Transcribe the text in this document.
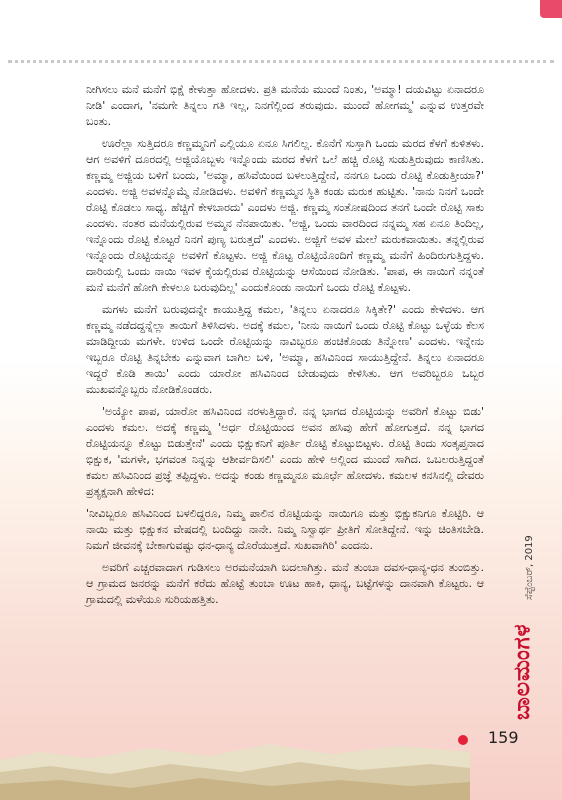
ನೀಗಿಸಲು ಮನೆ ಮನೆಗೆ ಭಿಕ್ಷೆ ಕೇಳುತ್ತಾ ಹೋದಳು. ಪ್ರತಿ ಮನೆಯ ಮುಂದೆ ನಿಂತು, 'ಅಮ್ಮಾ! ದಯವಿಟ್ಟು ಏನಾದರೂ ನೀಡಿ' ಎಂದಾಗ, 'ನಮಗೇ ತಿನ್ನಲು ಗತಿ ಇಲ್ಲ, ನಿನಗೆಲ್ಲಿಂದ ತರುವುದು. ಮುಂದೆ ಹೋಗಮ್ಮ' ಎನ್ನುವ ಉತ್ತರವೇ ಬಂತು.

ಊರೆಲ್ಲಾ ಸುತ್ತಿದರೂ ಕಣ್ಣಮ್ಮನಿಗೆ ಎಲ್ಲಿಯೂ ಏನೂ ಸಿಗಲಿಲ್ಲ. ಕೊನೆಗೆ ಸುಸ್ತಾಗಿ ಒಂದು ಮರದ ಕೆಳಗೆ ಕುಳಿತಳು. ಆಗ ಅವಳಿಗೆ ದೂರದಲ್ಲಿ ಅಜ್ಜಿಯೊಬ್ಬಳು ಇನ್ನೊಂದು ಮರದ ಕೆಳಗೆ ಒಲೆ ಹಚ್ಚಿ ರೊಟ್ಟಿ ಸುಡುತ್ತಿರುವುದು ಕಾಣಿಸಿತು. ಕಣ್ಣಮ್ಮ ಅಜ್ಜಿಯ ಬಳಿಗೆ ಬಂದು, 'ಅಮ್ಮಾ, ಹಸಿವೆಯಿಂದ ಬಳಲುತ್ತಿದ್ದೇನೆ, ನನಗೂ ಒಂದು ರೊಟ್ಟಿ ಕೊಡುತ್ತೀಯಾ?' ಎಂದಳು. ಅಜ್ಜಿ ಅವಳನ್ನೊಮ್ಮೆ ನೋಡಿದಳು. ಅವಳಿಗೆ ಕಣ್ಣಮ್ಮನ ಸ್ಥಿತಿ ಕಂಡು ಮರುಕ ಹುಟ್ಟಿತು. 'ನಾನು ನಿನಗೆ ಒಂದೇ ರೊಟ್ಟಿ ಕೊಡಲು ಸಾಧ್ಯ. ಹೆಚ್ಚಿಗೆ ಕೇಳಬಾರದು' ಎಂದಳು ಅಜ್ಜಿ. ಕಣ್ಣಮ್ಮ ಸಂತೋಷದಿಂದ ತನಗೆ ಒಂದೇ ರೊಟ್ಟಿ ಸಾಕು ಎಂದಳು. ನಂತರ ಮನೆಯಲ್ಲಿರುವ ಅಮ್ಮನ ನೆನಪಾಯಿತು. 'ಅಜ್ಜಿ, ಒಂದು ವಾರದಿಂದ ನನ್ನಮ್ಮ ಸಹ ಏನೂ ತಿಂದಿಲ್ಲ, ಇನ್ನೊಂದು ರೊಟ್ಟಿ ಕೊಟ್ಟರೆ ನಿನಗೆ ಪುಣ್ಯ ಬರುತ್ತದೆ' ಎಂದಳು. ಅಜ್ಜಿಗೆ ಅವಳ ಮೇಲೆ ಮರುಕವಾಯಿತು. ತನ್ನಲ್ಲಿರುವ ಇನ್ನೊಂದು ರೊಟ್ಟಿಯನ್ನೂ ಅವಳಿಗೆ ಕೊಟ್ಟಳು. ಅಜ್ಜಿ ಕೊಟ್ಟ ರೊಟ್ಟಿಯೊಂದಿಗೆ ಕಣ್ಣಮ್ಮ ಮನೆಗೆ ಹಿಂದಿರುಗುತ್ತಿದ್ದಳು. ದಾರಿಯಲ್ಲಿ ಒಂದು ನಾಯಿ ಇವಳ ಕೈಯಲ್ಲಿರುವ ರೊಟ್ಟಿಯನ್ನು ಆಸೆಯಿಂದ ನೋಡಿತು. 'ಪಾಪ, ಈ ನಾಯಿಗೆ ನನ್ನಂತೆ ಮನೆ ಮನೆಗೆ ಹೋಗಿ ಕೇಳಲೂ ಬರುವುದಿಲ್ಲ' ಎಂದುಕೊಂಡು ನಾಯಿಗೆ ಒಂದು ರೊಟ್ಟಿ ಕೊಟ್ಟಳು.

ಮಗಳು ಮನೆಗೆ ಬರುವುದನ್ನೇ ಕಾಯುತ್ತಿದ್ದ ಕಮಲ, 'ತಿನ್ನಲು ಏನಾದರೂ ಸಿಕ್ಕಿತೇ?' ಎಂದು ಕೇಳಿದಳು. ಆಗ ಕಣ್ಣಮ್ಮ ನಡೆದದ್ದನ್ನೆಲ್ಲಾ ತಾಯಿಗೆ ತಿಳಿಸಿದಳು. ಅದಕ್ಕೆ ಕಮಲ, 'ನೀನು ನಾಯಿಗೆ ಒಂದು ರೊಟ್ಟಿ ಕೊಟ್ಟು ಒಳ್ಳೆಯ ಕೆಲಸ ಮಾಡಿದ್ದೀಯ ಮಗಳೇ. ಉಳಿದ ಒಂದೇ ರೊಟ್ಟಿಯನ್ನು ನಾವಿಬ್ಬರೂ ಹಂಚಿಕೊಂಡು ತಿನ್ನೋಣ' ಎಂದಳು. ಇನ್ನೇನು ಇಬ್ಬರೂ ರೊಟ್ಟಿ ತಿನ್ನಬೇಕು ಎನ್ನುವಾಗ ಬಾಗಿಲ ಬಳಿ, 'ಅಮ್ಮಾ, ಹಸಿವಿನಿಂದ ಸಾಯುತ್ತಿದ್ದೇನೆ. ತಿನ್ನಲು ಏನಾದರೂ ಇದ್ದರೆ ಕೊಡಿ ತಾಯಿ' ಎಂದು ಯಾರೋ ಹಸಿವಿನಿಂದ ಬೇಡುವುದು ಕೇಳಿಸಿತು. ಆಗ ಅವರಿಬ್ಬರೂ ಒಬ್ಬರ ಮುಖವನ್ನೊಬ್ಬರು ನೋಡಿಕೊಂಡರು.

'ಅಯ್ಯೋ ಪಾಪ, ಯಾರೋ ಹಸಿವಿನಿಂದ ನರಳುತ್ತಿದ್ದಾರೆ. ನನ್ನ ಭಾಗದ ರೊಟ್ಟಿಯನ್ನು ಅವರಿಗೆ ಕೊಟ್ಟು ಬಿಡು' ಎಂದಳು ಕಮಲ. ಅದಕ್ಕೆ ಕಣ್ಣಮ್ಮ 'ಅರ್ಧ ರೊಟ್ಟಿಯಿಂದ ಅವನ ಹಸಿವು ಹೇಗೆ ಹೋಗುತ್ತದೆ. ನನ್ನ ಭಾಗದ ರೊಟ್ಟಿಯನ್ನೂ ಕೊಟ್ಟು ಬಿಡುತ್ತೇನೆ' ಎಂದು ಭಿಕ್ಷುಕನಿಗೆ ಪೂರ್ತಿ ರೊಟ್ಟಿ ಕೊಟ್ಟುಬಿಟ್ಟಳು. ರೊಟ್ಟಿ ತಿಂದು ಸಂತೃಪ್ತನಾದ ಭಿಕ್ಷುಕ, 'ಮಗಳೇ, ಭಗವಂತ ನಿನ್ನನ್ನು ಆಶೀರ್ವದಿಸಲಿ' ಎಂದು ಹೇಳಿ ಅಲ್ಲಿಂದ ಮುಂದೆ ಸಾಗಿದ. ಒಬಲರುತ್ತಿದ್ದಂತೆ ಕಮಲ ಹಸಿವಿನಿಂದ ಪ್ರಜ್ಞೆ ತಪ್ಪಿದ್ದಳು. ಅದನ್ನು ಕಂಡು ಕಣ್ಣಮ್ಮನೂ ಮೂರ್ಛೆ ಹೋದಳು. ಕಮಲಳ ಕನಸಿನಲ್ಲಿ ದೇವರು ಪ್ರತ್ಯಕ್ಷನಾಗಿ ಹೇಳಿದ:

'ನೀವಿಬ್ಬರೂ ಹಸಿವಿನಿಂದ ಬಳಲಿದ್ದರೂ, ನಿಮ್ಮ ಪಾಲಿನ ರೊಟ್ಟಿಯನ್ನು ನಾಯಿಗೂ ಮತ್ತು ಭಿಕ್ಷುಕನಿಗೂ ಕೊಟ್ಟಿರಿ. ಆ ನಾಯಿ ಮತ್ತು ಭಿಕ್ಷುಕನ ವೇಷದಲ್ಲಿ ಬಂದಿದ್ದು ನಾನೇ. ನಿಮ್ಮ ನಿಸ್ವಾರ್ಥ ಪ್ರೀತಿಗೆ ಸೋತಿದ್ದೇನೆ. ಇನ್ನು ಚಿಂತಿಸಬೇಡಿ. ನಿಮಗೆ ಜೀವನಕ್ಕೆ ಬೇಕಾಗುವಷ್ಟು ಧನ-ಧಾನ್ಯ ದೊರೆಯುತ್ತದೆ. ಸುಖವಾಗಿರಿ' ಎಂದನು.

ಅವರಿಗೆ ಎಚ್ಚರವಾದಾಗ ಗುಡಿಸಲು ಅರಮನೆಯಾಗಿ ಬದಲಾಗಿತ್ತು. ಮನೆ ತುಂಬಾ ದವಸ-ಧಾನ್ಯ-ಧನ ತುಂಬಿತ್ತು. ಆ ಗ್ರಾಮದ ಜನರನ್ನು ಮನೆಗೆ ಕರೆದು ಹೊಟ್ಟೆ ತುಂಬಾ ಊಟ ಹಾಕಿ, ಧಾನ್ಯ, ಬಟ್ಟೆಗಳನ್ನು ದಾನವಾಗಿ ಕೊಟ್ಟರು. ಆ ಗ್ರಾಮದಲ್ಲಿ ಮಳೆಯೂ ಸುರಿಯಹತ್ತಿತು.	ಸೆಪ್ಟೆಂಬರ್, 2019
ಬಾಲಮಂಗಳ
159
